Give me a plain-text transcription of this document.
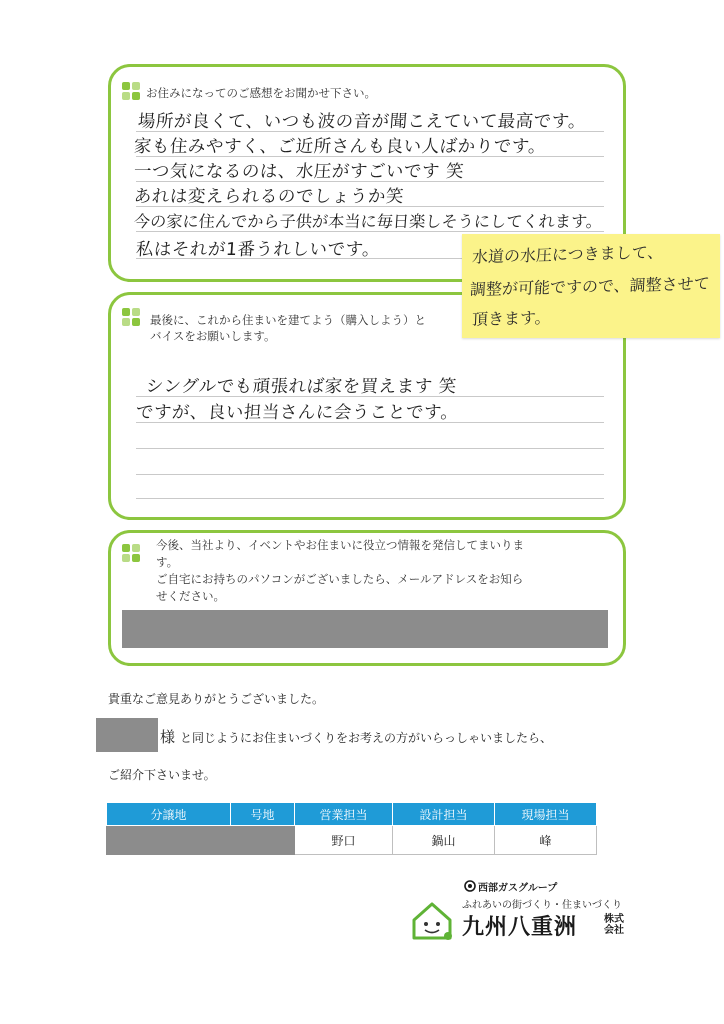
お住みになってのご感想をお聞かせ下さい。
場所が良くて、いつも波の音が聞こえていて最高です。
家も住みやすく、ご近所さんも良い人ばかりです。
一つ気になるのは、水圧がすごいです 笑
あれは変えられるのでしょうか笑
今の家に住んでから子供が本当に毎日楽しそうにしてくれます。
私はそれが1番うれしいです。
最後に、これから住まいを建てよう（購入しよう）と
バイスをお願いします。
シングルでも頑張れば家を買えます 笑
ですが、良い担当さんに会うことです。
水道の水圧につきまして、
調整が可能ですので、調整させて
頂きます。
今後、当社より、イベントやお住まいに役立つ情報を発信してまいりま
す。
ご自宅にお持ちのパソコンがございましたら、メールアドレスをお知ら
せください。
貴重なご意見ありがとうございました。
様 と同じようにお住まいづくりをお考えの方がいらっしゃいましたら、
ご紹介下さいませ。
分譲地	号地	営業担当	設計担当	現場担当
		野口	鍋山	峰
西部ガスグループ
ふれあいの街づくり・住まいづくり
九州八重洲	株式
会社
